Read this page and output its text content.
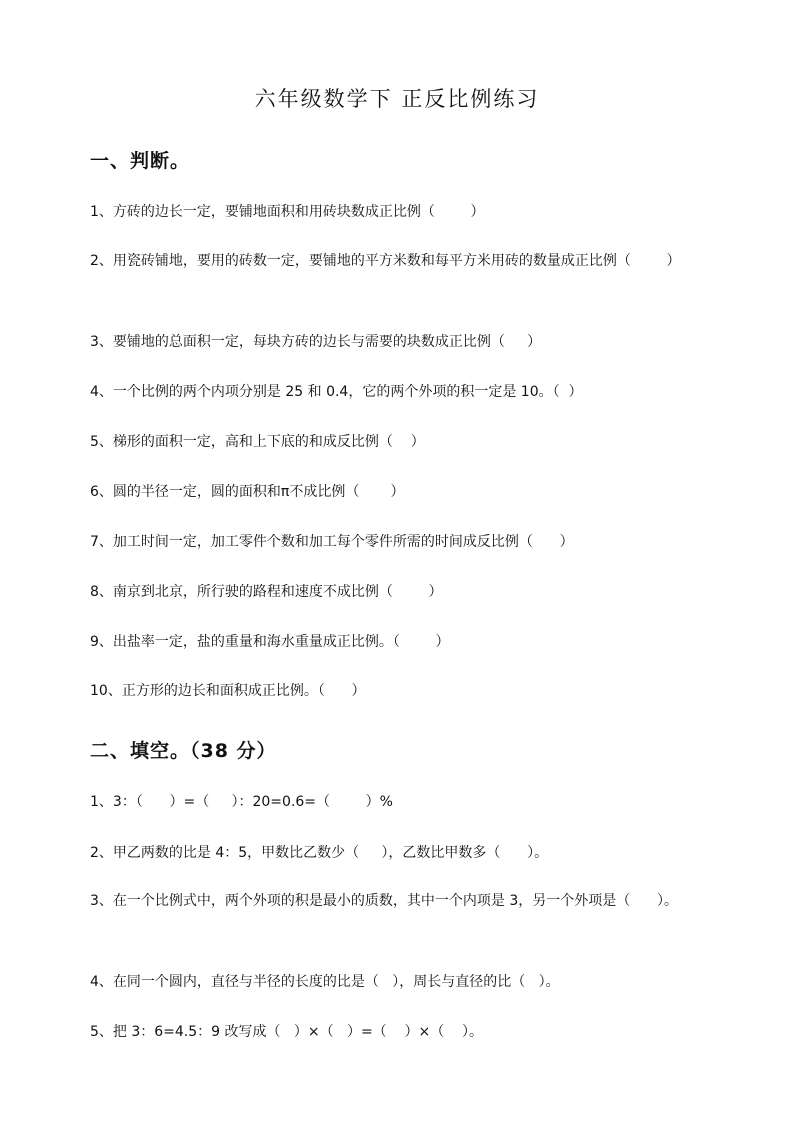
六年级数学下 正反比例练习
一、判断。
1、方砖的边长一定，要铺地面积和用砖块数成正比例（        ）
2、用瓷砖铺地，要用的砖数一定，要铺地的平方米数和每平方米用砖的数量成正比例（        ）
3、要铺地的总面积一定，每块方砖的边长与需要的块数成正比例（     ）
4、一个比例的两个内项分别是 25 和 0.4，它的两个外项的积一定是 10。（  ）
5、梯形的面积一定，高和上下底的和成反比例（    ）
6、圆的半径一定，圆的面积和π不成比例（       ）
7、加工时间一定，加工零件个数和加工每个零件所需的时间成反比例（      ）
8、南京到北京，所行驶的路程和速度不成比例（        ）
9、出盐率一定，盐的重量和海水重量成正比例。（        ）
10、正方形的边长和面积成正比例。（      ）
二、填空。（38 分）
1、3：（      ）=（     ）：20=0.6=（        ）%
2、甲乙两数的比是 4：5，甲数比乙数少（     ），乙数比甲数多（      ）。
3、在一个比例式中，两个外项的积是最小的质数，其中一个内项是 3，另一个外项是（      ）。
4、在同一个圆内，直径与半径的长度的比是（   ），周长与直径的比（   ）。
5、把 3：6=4.5：9 改写成（   ）×（   ）=（    ）×（    ）。
